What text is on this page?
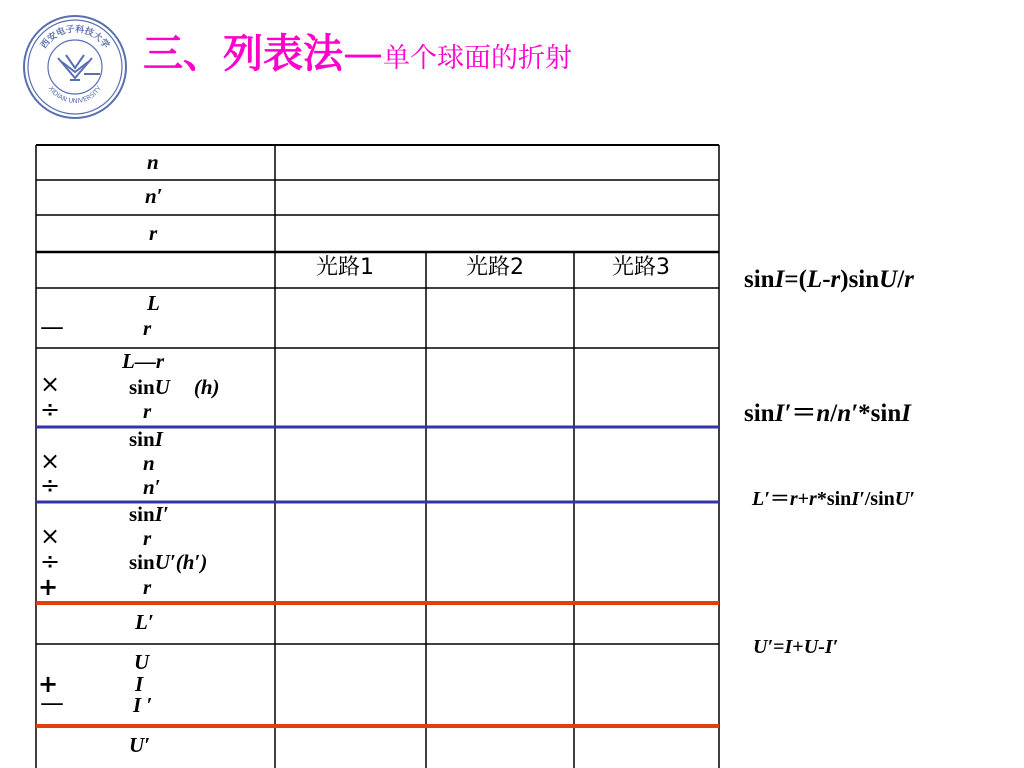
西安电子科技大学
XIDIAN UNIVERSITY
三、列表法—单个球面的折射
n
n′
r
光路1	光路2	光路3
L
—	r
L—r
×	sinU (h)
÷	r
sinI
×	n
÷	n′
sinI′
×	r
÷	sinU′(h′)
+	r
L′
U
+	I
—	I ′
U′
sinI=(L-r)sinU/r
sinI′＝n/n′*sinI
L′＝r+r*sinI′/sinU′
U′=I+U-I′
